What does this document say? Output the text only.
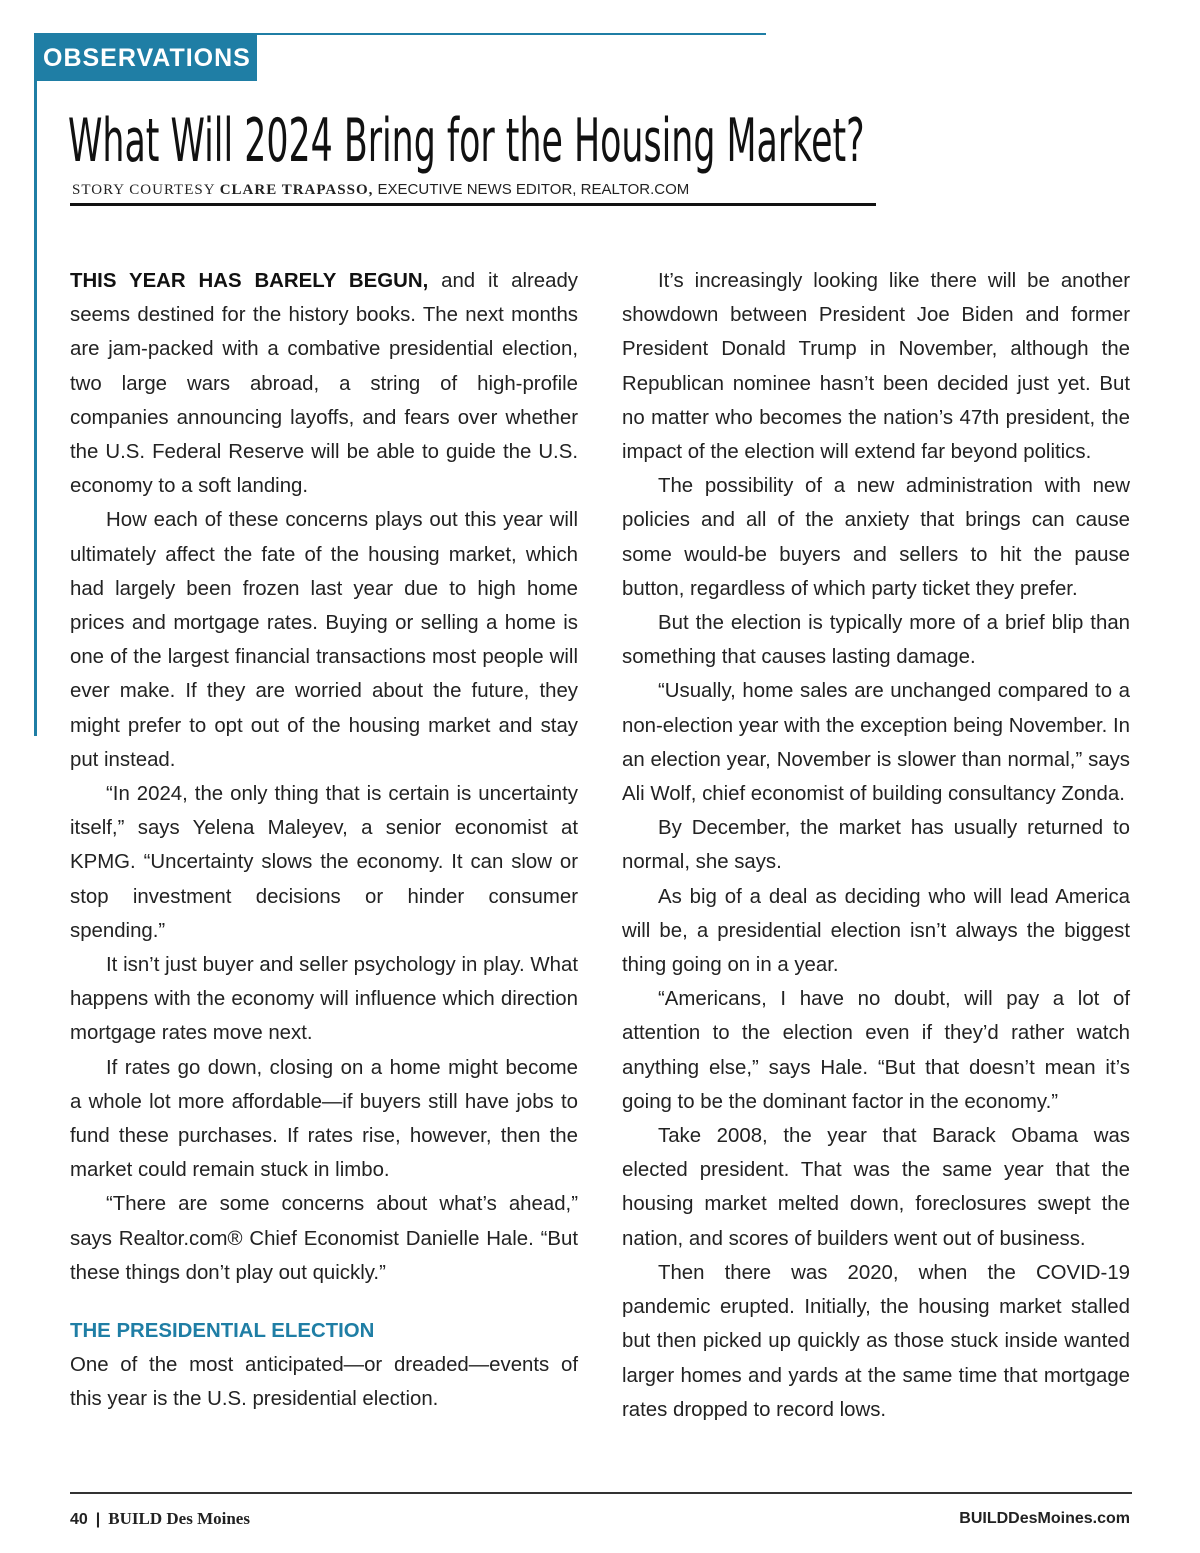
OBSERVATIONS
What Will 2024 Bring for the Housing Market?
STORY COURTESY CLARE TRAPASSO, EXECUTIVE NEWS EDITOR, REALTOR.COM

THIS YEAR HAS BARELY BEGUN, and it already seems destined for the history books. The next months are jam-packed with a combative presidential election, two large wars abroad, a string of high-profile companies announcing layoffs, and fears over whether the U.S. Federal Reserve will be able to guide the U.S. economy to a soft landing.

How each of these concerns plays out this year will ultimately affect the fate of the housing market, which had largely been frozen last year due to high home prices and mortgage rates. Buying or selling a home is one of the largest financial transactions most people will ever make. If they are worried about the future, they might prefer to opt out of the housing market and stay put instead.

“In 2024, the only thing that is certain is uncertainty itself,” says Yelena Maleyev, a senior economist at KPMG. “Uncertainty slows the economy. It can slow or stop investment decisions or hinder consumer spending.”

It isn’t just buyer and seller psychology in play. What happens with the economy will influence which direction mortgage rates move next.

If rates go down, closing on a home might become a whole lot more affordable—if buyers still have jobs to fund these purchases. If rates rise, however, then the market could remain stuck in limbo.

“There are some concerns about what’s ahead,” says Realtor.com® Chief Economist Danielle Hale. “But these things don’t play out quickly.”

THE PRESIDENTIAL ELECTION

One of the most anticipated—or dreaded—events of this year is the U.S. presidential election.

It’s increasingly looking like there will be another showdown between President Joe Biden and former President Donald Trump in November, although the Republican nominee hasn’t been decided just yet. But no matter who becomes the nation’s 47th president, the impact of the election will extend far beyond politics.

The possibility of a new administration with new policies and all of the anxiety that brings can cause some would-be buyers and sellers to hit the pause button, regardless of which party ticket they prefer.

But the election is typically more of a brief blip than something that causes lasting damage.

“Usually, home sales are unchanged compared to a non-election year with the exception being November. In an election year, November is slower than normal,” says Ali Wolf, chief economist of building consultancy Zonda.

By December, the market has usually returned to normal, she says.

As big of a deal as deciding who will lead America will be, a presidential election isn’t always the biggest thing going on in a year.

“Americans, I have no doubt, will pay a lot of attention to the election even if they’d rather watch anything else,” says Hale. “But that doesn’t mean it’s going to be the dominant factor in the economy.”

Take 2008, the year that Barack Obama was elected president. That was the same year that the housing market melted down, foreclosures swept the nation, and scores of builders went out of business.

Then there was 2020, when the COVID-19 pandemic erupted. Initially, the housing market stalled but then picked up quickly as those stuck inside wanted larger homes and yards at the same time that mortgage rates dropped to record lows.

40 | BUILD Des Moines	BUILDDesMoines.com
